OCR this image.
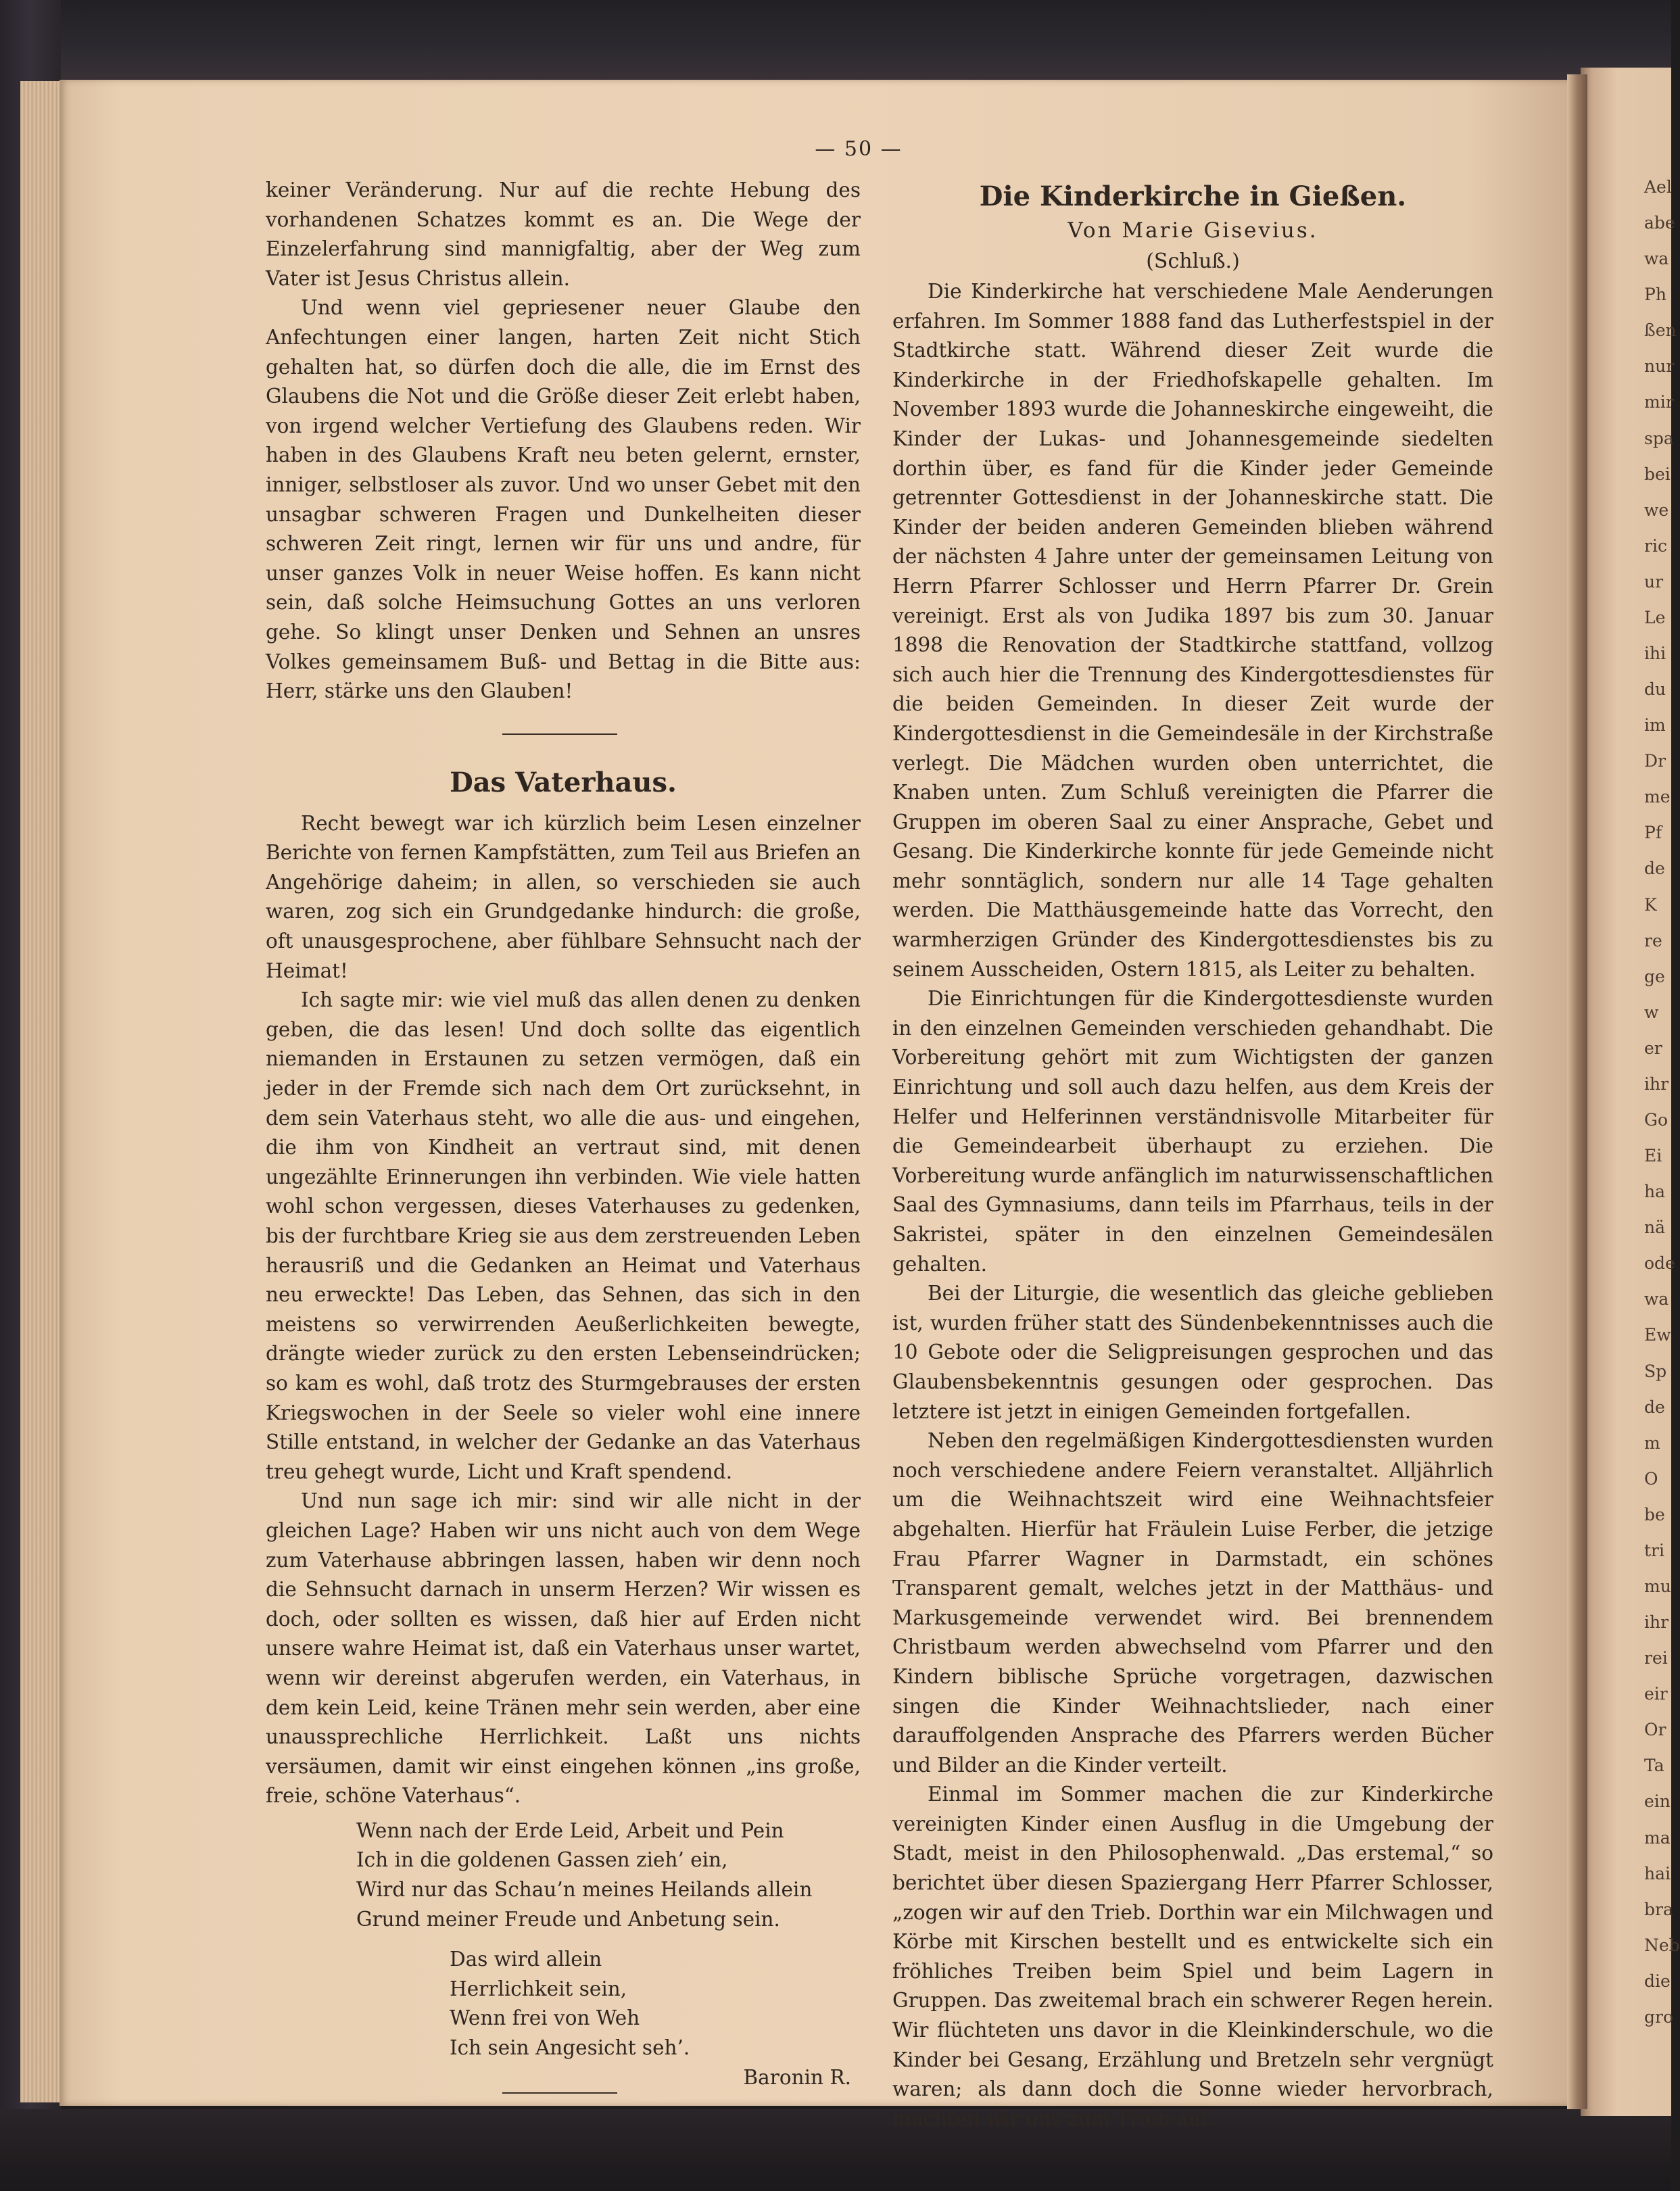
— 50 —

keiner Veränderung. Nur auf die rechte Hebung des vorhandenen Schatzes kommt es an. Die Wege der Einzelerfahrung sind mannigfaltig, aber der Weg zum Vater ist Jesus Christus allein.

Und wenn viel gepriesener neuer Glaube den Anfechtungen einer langen, harten Zeit nicht Stich gehalten hat, so dürfen doch die alle, die im Ernst des Glaubens die Not und die Größe dieser Zeit erlebt haben, von irgend welcher Vertiefung des Glaubens reden. Wir haben in des Glaubens Kraft neu beten gelernt, ernster, inniger, selbstloser als zuvor. Und wo unser Gebet mit den unsagbar schweren Fragen und Dunkelheiten dieser schweren Zeit ringt, lernen wir für uns und andre, für unser ganzes Volk in neuer Weise hoffen. Es kann nicht sein, daß solche Heimsuchung Gottes an uns verloren gehe. So klingt unser Denken und Sehnen an unsres Volkes gemeinsamem Buß- und Bettag in die Bitte aus: Herr, stärke uns den Glauben!

Das Vaterhaus.

Recht bewegt war ich kürzlich beim Lesen einzelner Berichte von fernen Kampfstätten, zum Teil aus Briefen an Angehörige daheim; in allen, so verschieden sie auch waren, zog sich ein Grundgedanke hindurch: die große, oft unausgesprochene, aber fühlbare Sehnsucht nach der Heimat!

Ich sagte mir: wie viel muß das allen denen zu denken geben, die das lesen! Und doch sollte das eigentlich niemanden in Erstaunen zu setzen vermögen, daß ein jeder in der Fremde sich nach dem Ort zurücksehnt, in dem sein Vaterhaus steht, wo alle die aus- und eingehen, die ihm von Kindheit an vertraut sind, mit denen ungezählte Erinnerungen ihn verbinden. Wie viele hatten wohl schon vergessen, dieses Vaterhauses zu gedenken, bis der furchtbare Krieg sie aus dem zerstreuenden Leben herausriß und die Gedanken an Heimat und Vaterhaus neu erweckte! Das Leben, das Sehnen, das sich in den meistens so verwirrenden Aeußerlichkeiten bewegte, drängte wieder zurück zu den ersten Lebenseindrücken; so kam es wohl, daß trotz des Sturmgebrauses der ersten Kriegswochen in der Seele so vieler wohl eine innere Stille entstand, in welcher der Gedanke an das Vaterhaus treu gehegt wurde, Licht und Kraft spendend.

Und nun sage ich mir: sind wir alle nicht in der gleichen Lage? Haben wir uns nicht auch von dem Wege zum Vaterhause abbringen lassen, haben wir denn noch die Sehnsucht darnach in unserm Herzen? Wir wissen es doch, oder sollten es wissen, daß hier auf Erden nicht unsere wahre Heimat ist, daß ein Vaterhaus unser wartet, wenn wir dereinst abgerufen werden, ein Vaterhaus, in dem kein Leid, keine Tränen mehr sein werden, aber eine unaussprechliche Herrlichkeit. Laßt uns nichts versäumen, damit wir einst eingehen können „ins große, freie, schöne Vaterhaus“.

Wenn nach der Erde Leid, Arbeit und Pein

Ich in die goldenen Gassen zieh’ ein,

Wird nur das Schau’n meines Heilands allein

Grund meiner Freude und Anbetung sein.

Das wird allein

Herrlichkeit sein,

Wenn frei von Weh

Ich sein Angesicht seh’.

Baronin R.

Die Kinderkirche in Gießen.
Von Marie Gisevius.
(Schluß.)

Die Kinderkirche hat verschiedene Male Aenderungen erfahren. Im Sommer 1888 fand das Lutherfestspiel in der Stadtkirche statt. Während dieser Zeit wurde die Kinderkirche in der Friedhofskapelle gehalten. Im November 1893 wurde die Johanneskirche eingeweiht, die Kinder der Lukas- und Johannesgemeinde siedelten dorthin über, es fand für die Kinder jeder Gemeinde getrennter Gottesdienst in der Johanneskirche statt. Die Kinder der beiden anderen Gemeinden blieben während der nächsten 4 Jahre unter der gemeinsamen Leitung von Herrn Pfarrer Schlosser und Herrn Pfarrer Dr. Grein vereinigt. Erst als von Judika 1897 bis zum 30. Januar 1898 die Renovation der Stadtkirche stattfand, vollzog sich auch hier die Trennung des Kindergottesdienstes für die beiden Gemeinden. In dieser Zeit wurde der Kindergottesdienst in die Gemeindesäle in der Kirchstraße verlegt. Die Mädchen wurden oben unterrichtet, die Knaben unten. Zum Schluß vereinigten die Pfarrer die Gruppen im oberen Saal zu einer Ansprache, Gebet und Gesang. Die Kinderkirche konnte für jede Gemeinde nicht mehr sonntäglich, sondern nur alle 14 Tage gehalten werden. Die Matthäusgemeinde hatte das Vorrecht, den warmherzigen Gründer des Kindergottesdienstes bis zu seinem Ausscheiden, Ostern 1815, als Leiter zu behalten.

Die Einrichtungen für die Kindergottesdienste wurden in den einzelnen Gemeinden verschieden gehandhabt. Die Vorbereitung gehört mit zum Wichtigsten der ganzen Einrichtung und soll auch dazu helfen, aus dem Kreis der Helfer und Helferinnen verständnisvolle Mitarbeiter für die Gemeindearbeit überhaupt zu erziehen. Die Vorbereitung wurde anfänglich im naturwissenschaftlichen Saal des Gymnasiums, dann teils im Pfarrhaus, teils in der Sakristei, später in den einzelnen Gemeindesälen gehalten.

Bei der Liturgie, die wesentlich das gleiche geblieben ist, wurden früher statt des Sündenbekenntnisses auch die 10 Gebote oder die Seligpreisungen gesprochen und das Glaubensbekenntnis gesungen oder gesprochen. Das letztere ist jetzt in einigen Gemeinden fortgefallen.

Neben den regelmäßigen Kindergottesdiensten wurden noch verschiedene andere Feiern veranstaltet. Alljährlich um die Weihnachtszeit wird eine Weihnachtsfeier abgehalten. Hierfür hat Fräulein Luise Ferber, die jetzige Frau Pfarrer Wagner in Darmstadt, ein schönes Transparent gemalt, welches jetzt in der Matthäus- und Markusgemeinde verwendet wird. Bei brennendem Christbaum werden abwechselnd vom Pfarrer und den Kindern biblische Sprüche vorgetragen, dazwischen singen die Kinder Weihnachtslieder, nach einer darauffolgenden Ansprache des Pfarrers werden Bücher und Bilder an die Kinder verteilt.

Einmal im Sommer machen die zur Kinderkirche vereinigten Kinder einen Ausflug in die Umgebung der Stadt, meist in den Philosophenwald. „Das erstemal,“ so berichtet über diesen Spaziergang Herr Pfarrer Schlosser, „zogen wir auf den Trieb. Dorthin war ein Milchwagen und Körbe mit Kirschen bestellt und es entwickelte sich ein fröhliches Treiben beim Spiel und beim Lagern in Gruppen. Das zweitemal brach ein schwerer Regen herein. Wir flüchteten uns davor in die Kleinkinderschule, wo die Kinder bei Gesang, Erzählung und Bretzeln sehr vergnügt waren; als dann doch die Sonne wieder hervorbrach, machten wir uns zum Trieb auf.

Ael
abe
wa
Ph
ßen
nur
mir
spa
bei
we
ric
ur
Le
ihi
du
im
Dr
me
Pf
de
K
re
ge
w
er
ihr
Go
Ei
ha
nä
ode
wa
Ew
Sp
de
m
O
be
tri
mu
ihr
rei
eir
Or
Ta
ein
ma
hai
bra
Neb
die
gro
